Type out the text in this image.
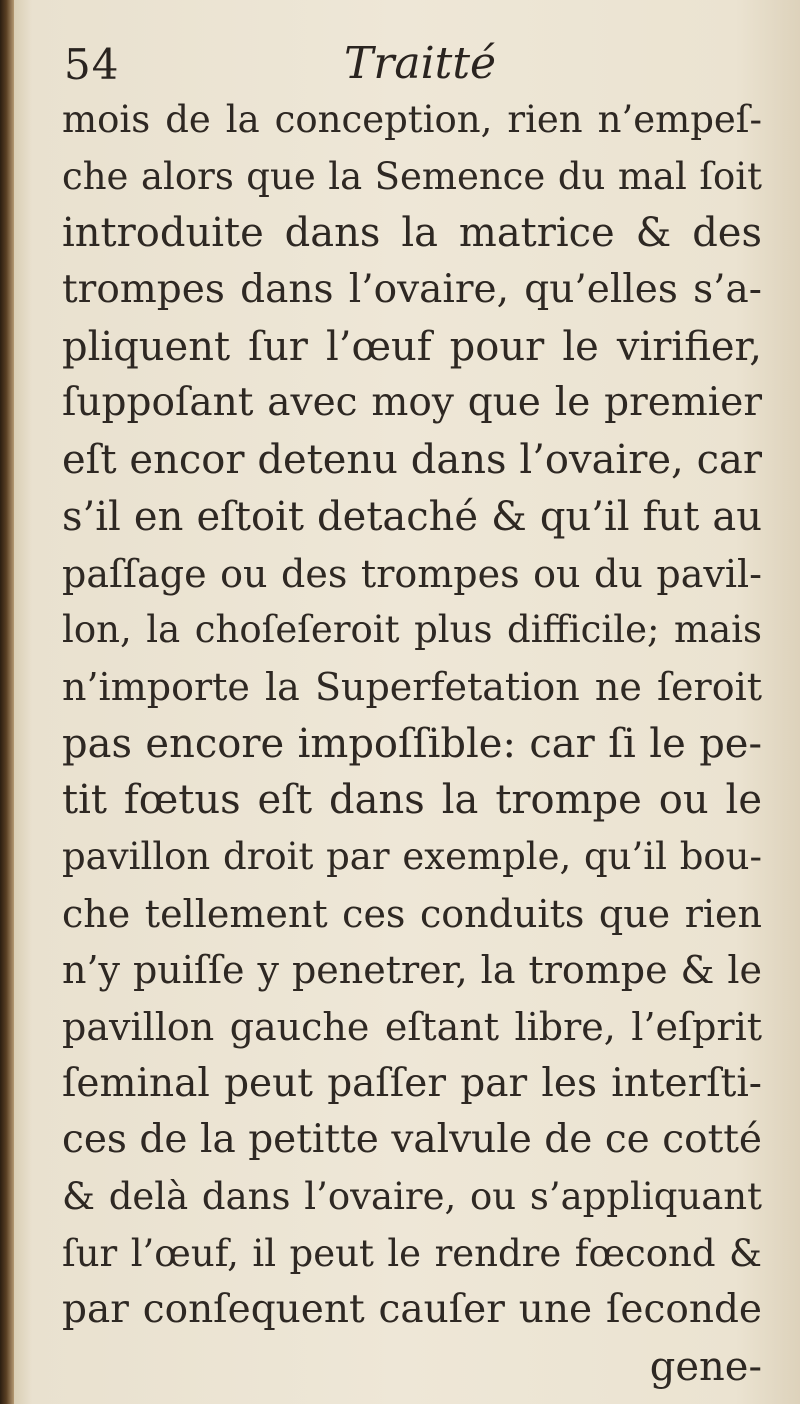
54	Traitté
mois de la conception, rien n’empeſ-
che alors que la Semence du mal ſoit
introduite dans la matrice & des
trompes dans l’ovaire, qu’elles s’a-
pliquent ſur l’œuf pour le virifier,
ſuppoſant avec moy que le premier
eſt encor detenu dans l’ovaire, car
s’il en eſtoit detaché & qu’il fut au
paſſage ou des trompes ou du pavil-
lon, la choſeſeroit plus difficile; mais
n’importe la Superfetation ne ſeroit
pas encore impoſſible: car ſi le pe-
tit fœtus eſt dans la trompe ou le
pavillon droit par exemple, qu’il bou-
che tellement ces conduits que rien
n’y puiſſe y penetrer, la trompe & le
pavillon gauche eſtant libre, l’eſprit
ſeminal peut paſſer par les interſti-
ces de la petitte valvule de ce cotté
& delà dans l’ovaire, ou s’appliquant
ſur l’œuf, il peut le rendre fœcond &
par conſequent cauſer une ſeconde
gene-
